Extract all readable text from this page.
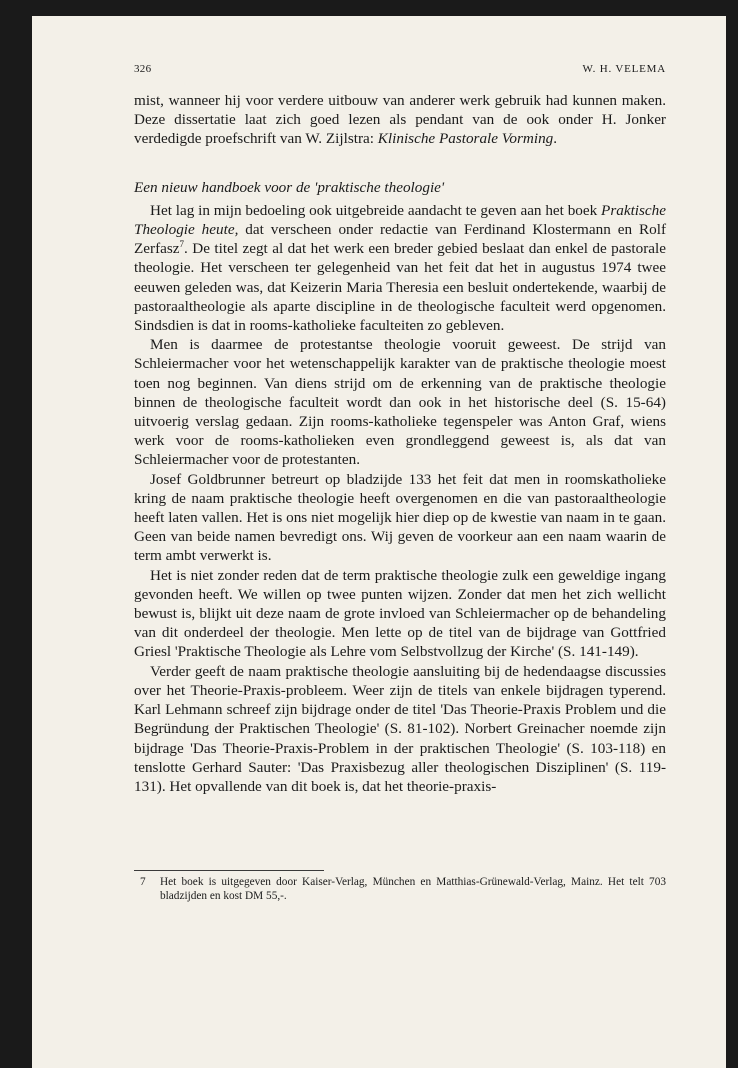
326	W. H. VELEMA

mist, wanneer hij voor verdere uitbouw van anderer werk gebruik had kunnen maken. Deze dissertatie laat zich goed lezen als pendant van de ook onder H. Jonker verdedigde proefschrift van W. Zijlstra: Klinische Pastorale Vorming.

Een nieuw handboek voor de 'praktische theologie'

Het lag in mijn bedoeling ook uitgebreide aandacht te geven aan het boek Praktische Theologie heute, dat verscheen onder redactie van Ferdinand Klostermann en Rolf Zerfasz$^7$. De titel zegt al dat het werk een breder gebied beslaat dan enkel de pastorale theologie. Het verscheen ter gelegenheid van het feit dat het in augustus 1974 twee eeuwen geleden was, dat Keizerin Maria Theresia een besluit ondertekende, waarbij de pastoraaltheologie als aparte discipline in de theologische faculteit werd opgenomen. Sindsdien is dat in rooms-katholieke faculteiten zo gebleven.

Men is daarmee de protestantse theologie vooruit geweest. De strijd van Schleiermacher voor het wetenschappelijk karakter van de praktische theologie moest toen nog beginnen. Van diens strijd om de erkenning van de praktische theologie binnen de theologische faculteit wordt dan ook in het historische deel (S. 15-64) uitvoerig verslag gedaan. Zijn rooms-katholieke tegenspeler was Anton Graf, wiens werk voor de rooms-katholieken even grondleggend geweest is, als dat van Schleiermacher voor de protestanten.

Josef Goldbrunner betreurt op bladzijde 133 het feit dat men in roomskatholieke kring de naam praktische theologie heeft overgenomen en die van pastoraaltheologie heeft laten vallen. Het is ons niet mogelijk hier diep op de kwestie van naam in te gaan. Geen van beide namen bevredigt ons. Wij geven de voorkeur aan een naam waarin de term ambt verwerkt is.

Het is niet zonder reden dat de term praktische theologie zulk een geweldige ingang gevonden heeft. We willen op twee punten wijzen. Zonder dat men het zich wellicht bewust is, blijkt uit deze naam de grote invloed van Schleiermacher op de behandeling van dit onderdeel der theologie. Men lette op de titel van de bijdrage van Gottfried Griesl 'Praktische Theologie als Lehre vom Selbstvollzug der Kirche' (S. 141-149).

Verder geeft de naam praktische theologie aansluiting bij de hedendaagse discussies over het Theorie-Praxis-probleem. Weer zijn de titels van enkele bijdragen typerend. Karl Lehmann schreef zijn bijdrage onder de titel 'Das Theorie-Praxis Problem und die Begründung der Praktischen Theologie' (S. 81-102). Norbert Greinacher noemde zijn bijdrage 'Das Theorie-Praxis-Problem in der praktischen Theologie' (S. 103-118) en tenslotte Gerhard Sauter: 'Das Praxisbezug aller theologischen Disziplinen' (S. 119-131). Het opvallende van dit boek is, dat het theorie-praxis-

7	Het boek is uitgegeven door Kaiser-Verlag, München en Matthias-Grünewald-Verlag, Mainz. Het telt 703 bladzijden en kost DM 55,-.
